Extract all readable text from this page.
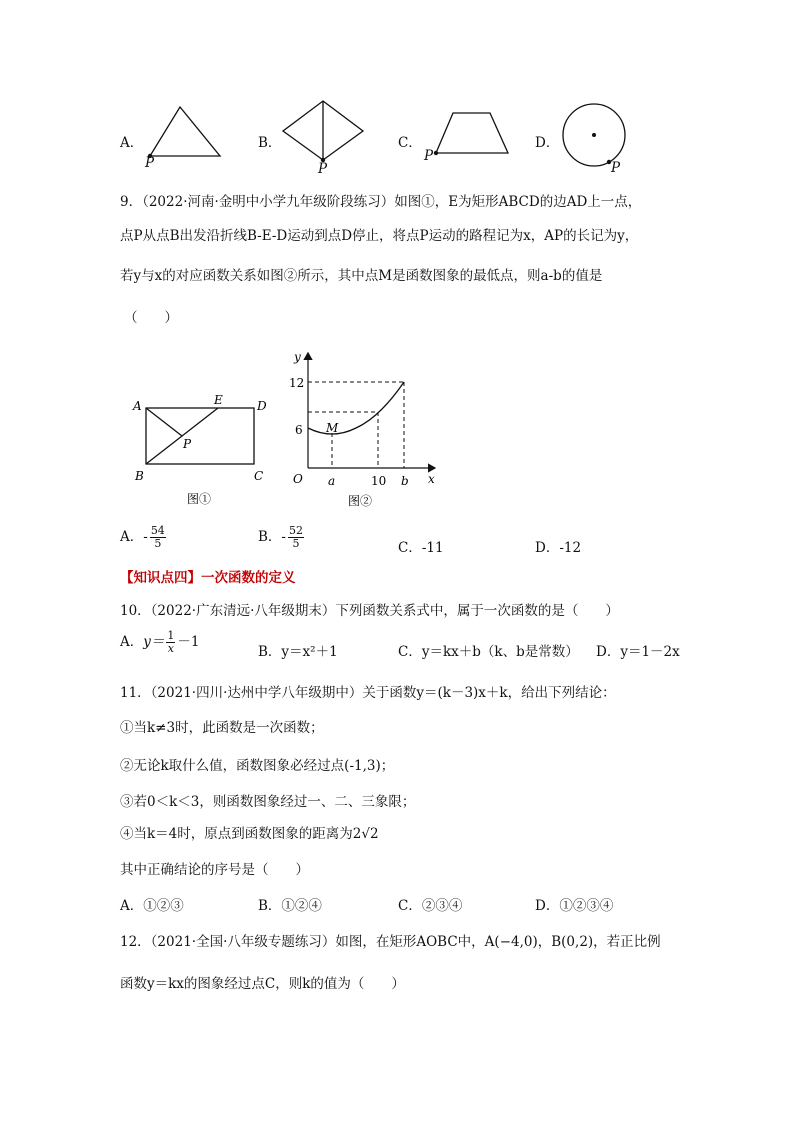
A．
P
B．
P
C．
P
D．
P
9．（2022·河南·金明中小学九年级阶段练习）如图①，E为矩形ABCD的边AD上一点，
点P从点B出发沿折线B-E-D运动到点D停止，将点P运动的路程记为x，AP的长记为y，
若y与x的对应函数关系如图②所示，其中点M是函数图象的最低点，则a-b的值是
（　　）
A	E	D
P
B	C
图①
y
x
O
12
6 M
a	10 b
图②
A．- $\frac{54}{5}$	B．- $\frac{52}{5}$	C．-11	D．-12
【知识点四】一次函数的定义
10．（2022·广东清远·八年级期末）下列函数关系式中，属于一次函数的是（　　）
A．$y= \frac{1}{x} -1$
B．y＝x²＋1	C．y＝kx＋b（k、b是常数） D．y＝1－2x
11．（2021·四川·达州中学八年级期中）关于函数y＝(k－3)x＋k，给出下列结论：
①当k≠3时，此函数是一次函数；
②无论k取什么值，函数图象必经过点(-1,3)；
③若0＜k＜3，则函数图象经过一、二、三象限；
④当k＝4时，原点到函数图象的距离为2√2
其中正确结论的序号是（　　）
A．①②③	B．①②④	C．②③④	D．①②③④
12．（2021·全国·八年级专题练习）如图，在矩形AOBC中，A(−4,0)，B(0,2)，若正比例
函数y＝kx的图象经过点C，则k的值为（　　）
